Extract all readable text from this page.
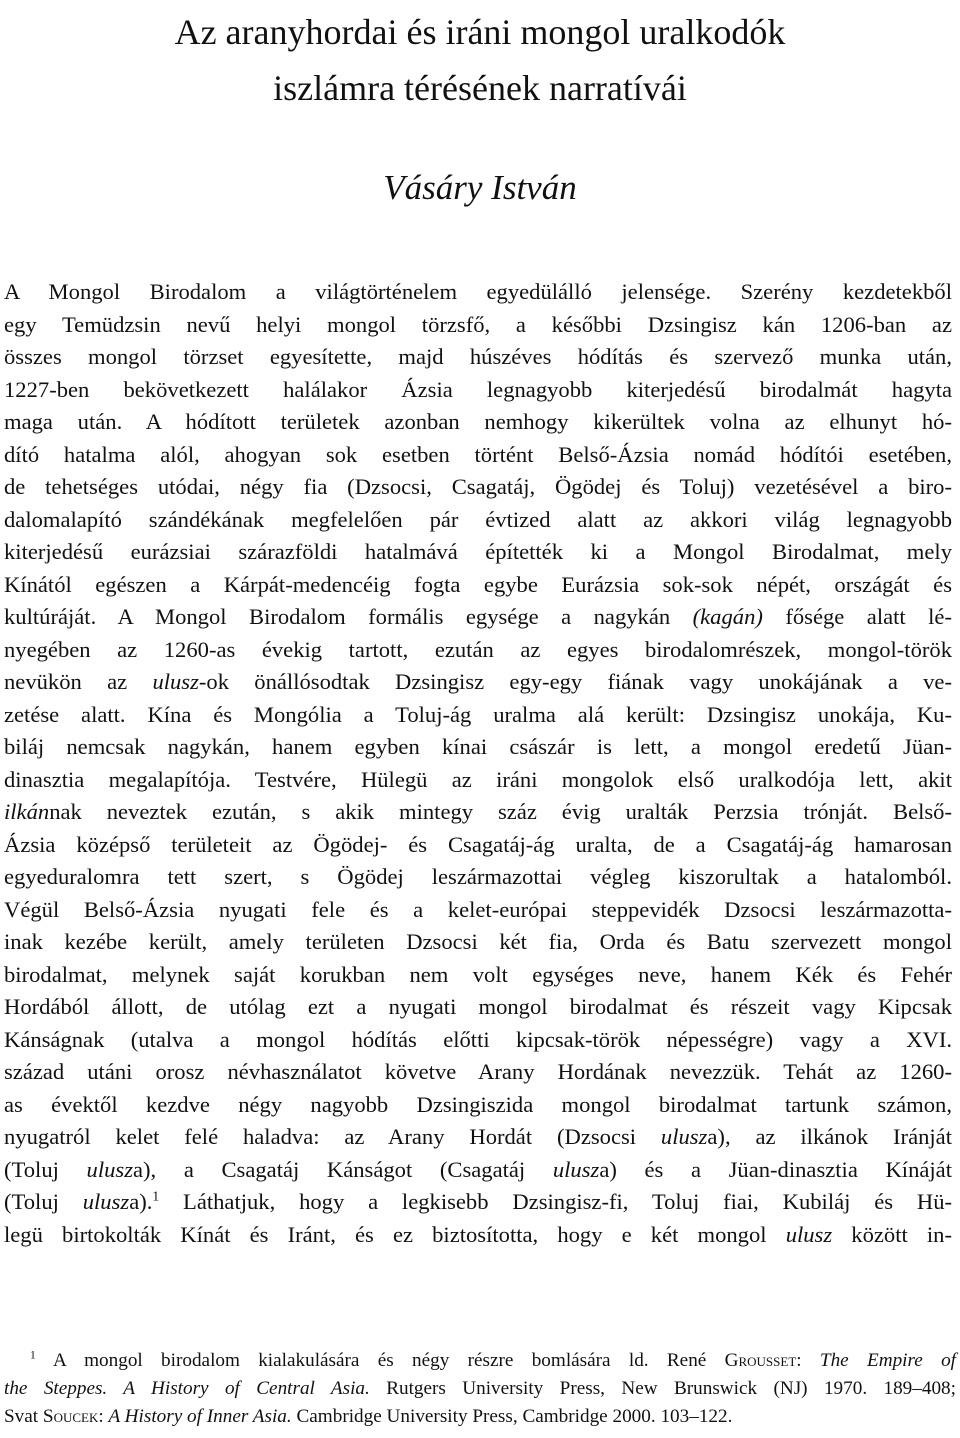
Az aranyhordai és iráni mongol uralkodók
iszlámra térésének narratívái

Vásáry István

A Mongol Birodalom a világtörténelem egyedülálló jelensége. Szerény kezdetekből
egy Temüdzsin nevű helyi mongol törzsfő, a későbbi Dzsingisz kán 1206-ban az
összes mongol törzset egyesítette, majd húszéves hódítás és szervező munka után,
1227-ben bekövetkezett halálakor Ázsia legnagyobb kiterjedésű birodalmát hagyta
maga után. A hódított területek azonban nemhogy kikerültek volna az elhunyt hó-
dító hatalma alól, ahogyan sok esetben történt Belső-Ázsia nomád hódítói esetében,
de tehetséges utódai, négy fia (Dzsocsi, Csagatáj, Ögödej és Toluj) vezetésével a biro-
dalomalapító szándékának megfelelően pár évtized alatt az akkori világ legnagyobb
kiterjedésű eurázsiai szárazföldi hatalmává építették ki a Mongol Birodalmat, mely
Kínától egészen a Kárpát-medencéig fogta egybe Eurázsia sok-sok népét, országát és
kultúráját. A Mongol Birodalom formális egysége a nagykán (kagán) fősége alatt lé-
nyegében az 1260-as évekig tartott, ezután az egyes birodalomrészek, mongol-török
nevükön az ulusz-ok önállósodtak Dzsingisz egy-egy fiának vagy unokájának a ve-
zetése alatt. Kína és Mongólia a Toluj-ág uralma alá került: Dzsingisz unokája, Ku-
biláj nemcsak nagykán, hanem egyben kínai császár is lett, a mongol eredetű Jüan-
dinasztia megalapítója. Testvére, Hülegü az iráni mongolok első uralkodója lett, akit
ilkánnak neveztek ezután, s akik mintegy száz évig uralták Perzsia trónját. Belső-
Ázsia középső területeit az Ögödej- és Csagatáj-ág uralta, de a Csagatáj-ág hamarosan
egyeduralomra tett szert, s Ögödej leszármazottai végleg kiszorultak a hatalomból.
Végül Belső-Ázsia nyugati fele és a kelet-európai steppevidék Dzsocsi leszármazotta-
inak kezébe került, amely területen Dzsocsi két fia, Orda és Batu szervezett mongol
birodalmat, melynek saját korukban nem volt egységes neve, hanem Kék és Fehér
Hordából állott, de utólag ezt a nyugati mongol birodalmat és részeit vagy Kipcsak
Kánságnak (utalva a mongol hódítás előtti kipcsak-török népességre) vagy a XVI.
század utáni orosz névhasználatot követve Arany Hordának nevezzük. Tehát az 1260-
as évektől kezdve négy nagyobb Dzsingiszida mongol birodalmat tartunk számon,
nyugatról kelet felé haladva: az Arany Hordát (Dzsocsi ulusza), az ilkánok Iránját
(Toluj ulusza), a Csagatáj Kánságot (Csagatáj ulusza) és a Jüan-dinasztia Kínáját
(Toluj ulusza).$^1$ Láthatjuk, hogy a legkisebb Dzsingisz-fi, Toluj fiai, Kubiláj és Hü-
legü birtokolták Kínát és Iránt, és ez biztosította, hogy e két mongol ulusz között in-
$^1$ A mongol birodalom kialakulására és négy részre bomlására ld. René Grousset: The Empire of
the Steppes. A History of Central Asia. Rutgers University Press, New Brunswick (NJ) 1970. 189–408;
Svat Soucek: A History of Inner Asia. Cambridge University Press, Cambridge 2000. 103–122.
